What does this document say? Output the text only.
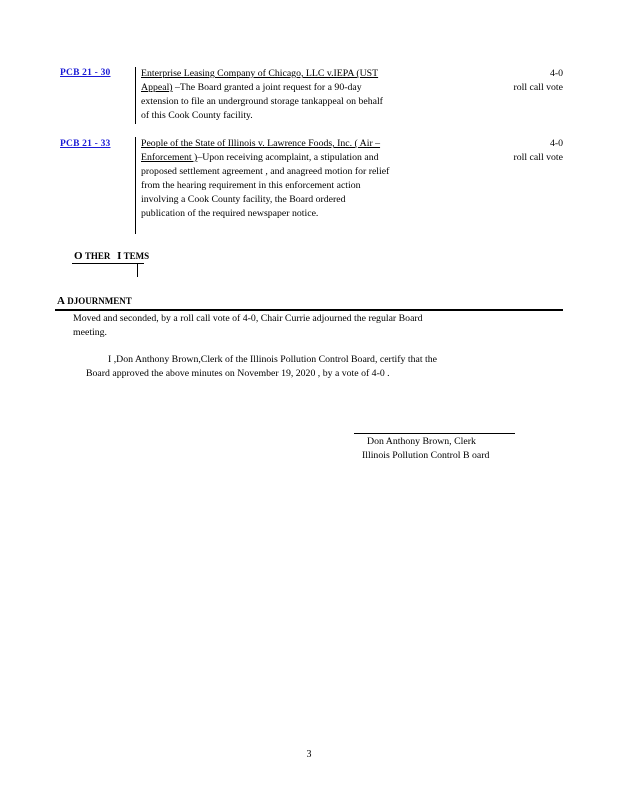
PCB 21 - 30	Enterprise Leasing Company of Chicago, LLC v.IEPA (UST
Appeal) –The Board granted a joint request for a 90-day
extension to file an underground storage tankappeal on behalf
of this Cook County facility.
4-0
roll call vote
PCB 21 - 33	People of the State of Illinois v. Lawrence Foods, Inc. ( Air –
Enforcement )–Upon receiving acomplaint, a stipulation and
proposed settlement agreement , and anagreed motion for relief
from the hearing requirement in this enforcement action
involving a Cook County facility, the Board ordered
publication of the required newspaper notice.
4-0
roll call vote
O THER I TEMS
A DJOURNMENT
Moved and seconded, by a roll call vote of 4-0, Chair Currie adjourned the regular Board
meeting.
I ,Don Anthony Brown,Clerk of the Illinois Pollution Control Board, certify that the
Board approved the above minutes on November 19, 2020 , by a vote of 4-0 .
Don Anthony Brown, Clerk
Illinois Pollution Control B oard
3
